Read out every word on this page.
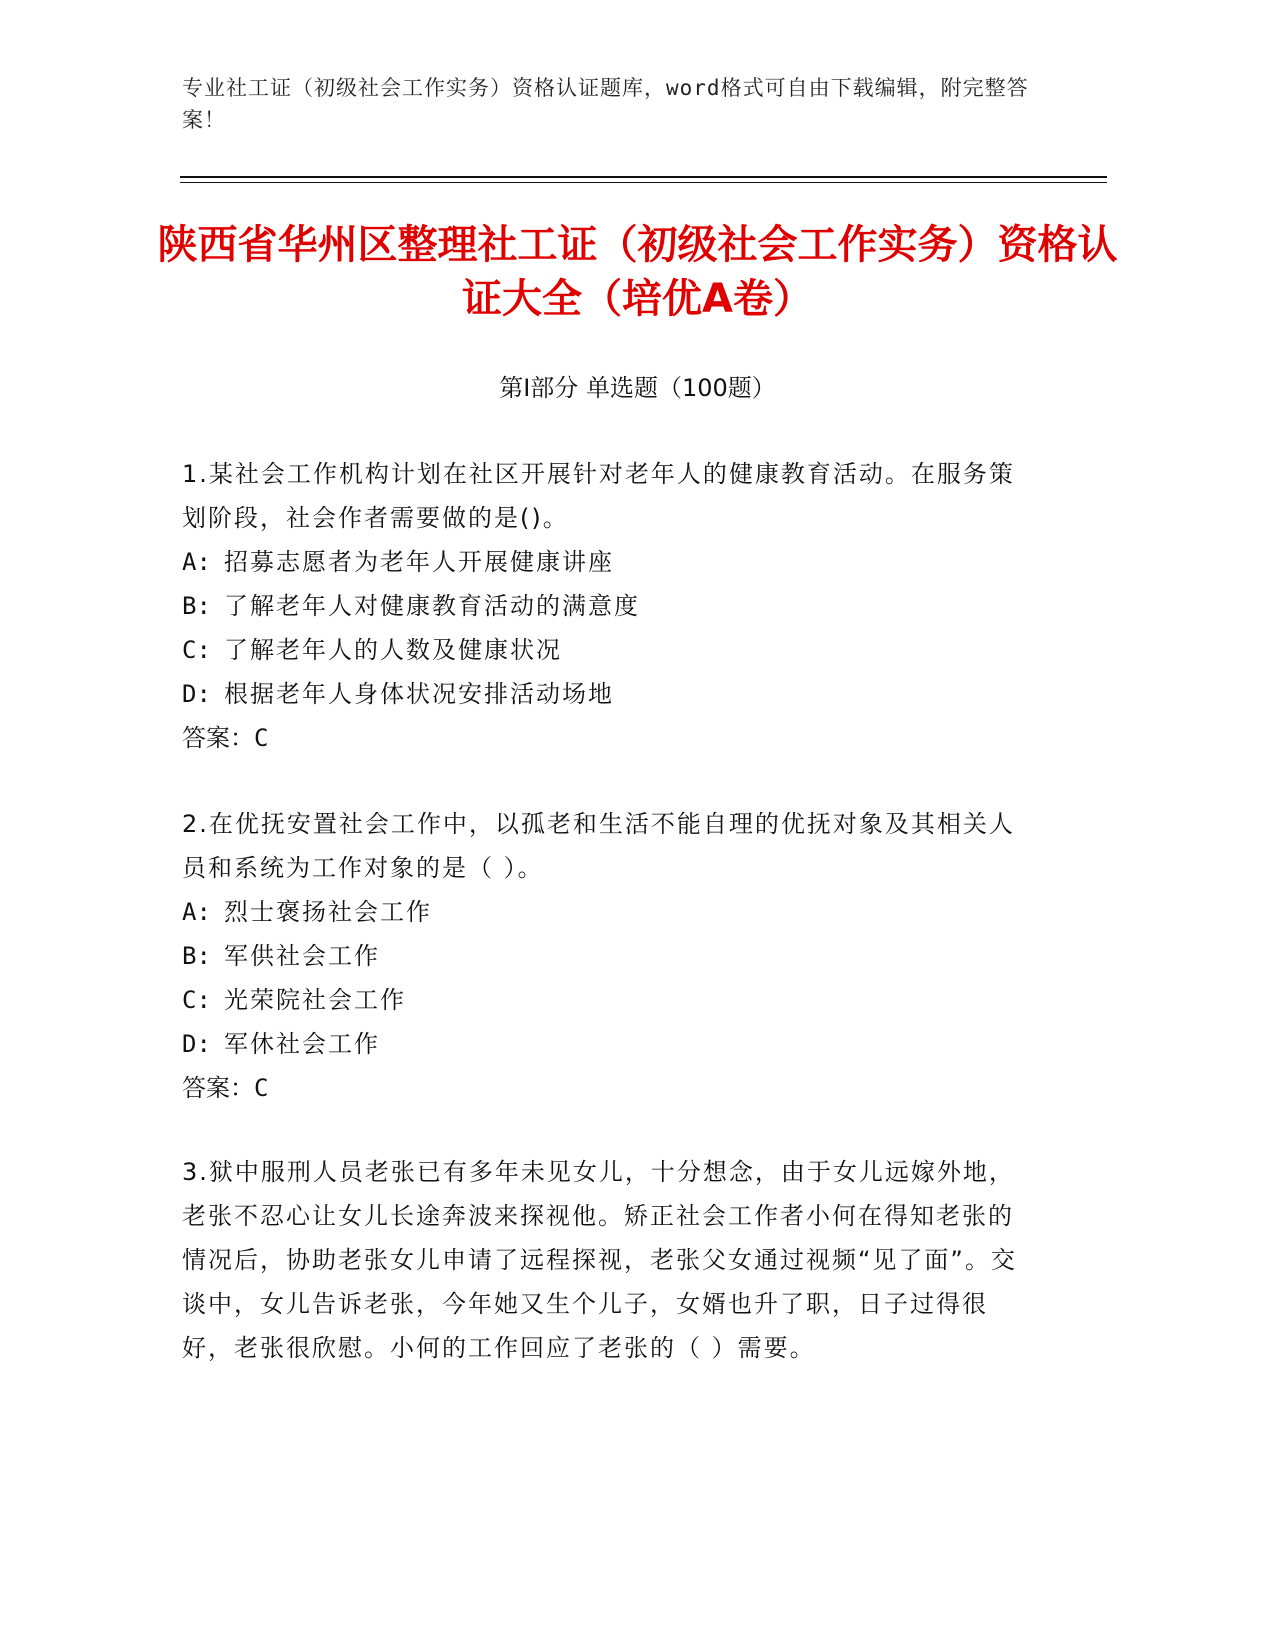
专业社工证（初级社会工作实务）资格认证题库，word格式可自由下载编辑，附完整答案！
陕西省华州区整理社工证（初级社会工作实务）资格认证大全（培优A卷）
第Ⅰ部分 单选题（100题）
1.某社会工作机构计划在社区开展针对老年人的健康教育活动。在服务策划阶段，社会作者需要做的是()。
A: 招募志愿者为老年人开展健康讲座
B: 了解老年人对健康教育活动的满意度
C: 了解老年人的人数及健康状况
D: 根据老年人身体状况安排活动场地
答案：C
2.在优抚安置社会工作中，以孤老和生活不能自理的优抚对象及其相关人员和系统为工作对象的是（ ）。
A: 烈士褒扬社会工作
B: 军供社会工作
C: 光荣院社会工作
D: 军休社会工作
答案：C
3.狱中服刑人员老张已有多年未见女儿，十分想念，由于女儿远嫁外地，老张不忍心让女儿长途奔波来探视他。矫正社会工作者小何在得知老张的情况后，协助老张女儿申请了远程探视，老张父女通过视频“见了面”。交谈中，女儿告诉老张，今年她又生个儿子，女婿也升了职，日子过得很好，老张很欣慰。小何的工作回应了老张的（ ）需要。
